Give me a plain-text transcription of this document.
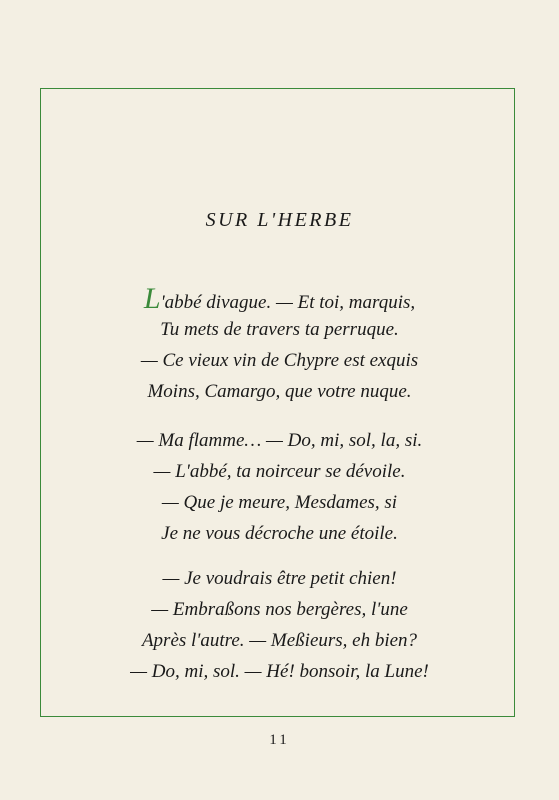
SUR L'HERBE
L'abbé divague. — Et toi, marquis,
Tu mets de travers ta perruque.
— Ce vieux vin de Chypre est exquis
Moins, Camargo, que votre nuque.
— Ma flamme… — Do, mi, sol, la, si.
— L'abbé, ta noirceur se dévoile.
— Que je meure, Mesdames, si
Je ne vous décroche une étoile.
— Je voudrais être petit chien!
— Embraßons nos bergères, l'une
Après l'autre. — Meßieurs, eh bien?
— Do, mi, sol. — Hé! bonsoir, la Lune!
11
